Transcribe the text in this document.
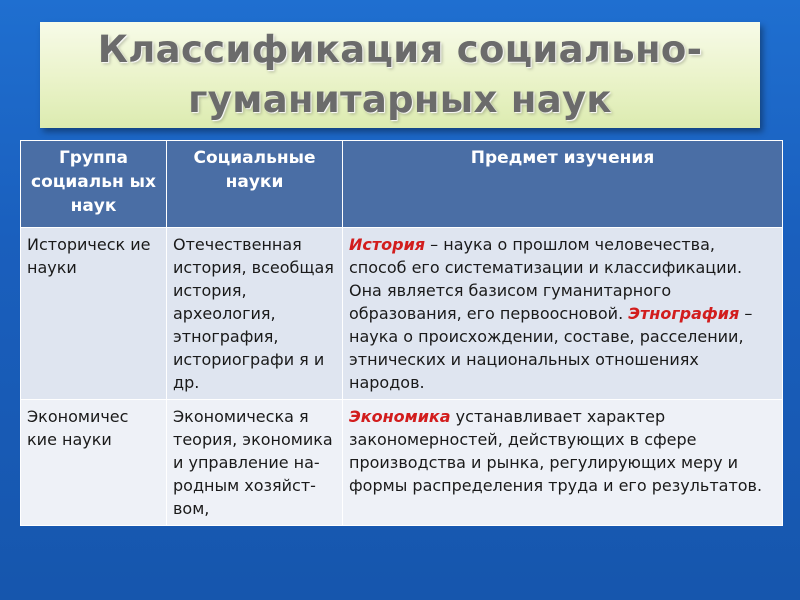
Классификация социально-
гуманитарных наук
Группа социальн ых наук	Социальные науки	Предмет изучения
Историческ ие науки	Отечественная история, всеобщая история, археология, этнография, историографи я и др.	История – наука о прошлом человечества, способ его систематизации и классификации. Она является базисом гуманитарного образования, его первоосновой. Этнография – наука о происхождении, составе, расселении, этнических и национальных отношениях народов.
Экономичес кие науки	Экономическа я теория, экономика и управление на-родным хозяйст-вом,	Экономика устанавливает характер закономерностей, действующих в сфере производства и рынка, регулирующих меру и формы распределения труда и его результатов.
